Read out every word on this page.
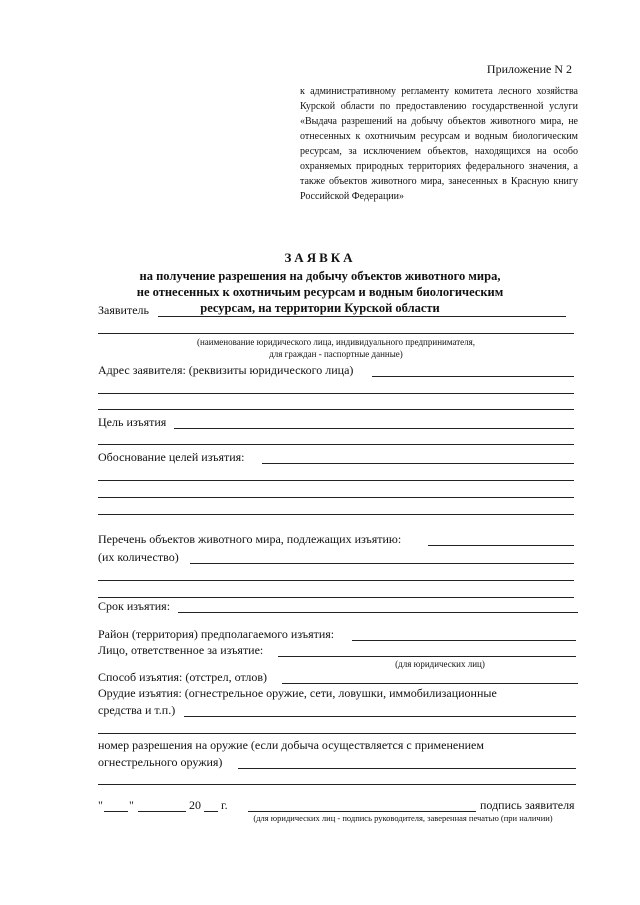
Приложение N 2

к административному регламенту комитета лесного хозяйства Курской области по предоставлению государственной услуги «Выдача разрешений на добычу объектов животного мира, не отнесенных к охотничьим ресурсам и водным биологическим ресурсам, за исключением объектов, находящихся на особо охраняемых природных территориях федерального значения, а также объектов животного мира, занесенных в Красную книгу Российской Федерации»

ЗАЯВКА
на получение разрешения на добычу объектов животного мира,
не отнесенных к охотничьим ресурсам и водным биологическим
ресурсам, на территории Курской области
Заявитель
(наименование юридического лица, индивидуального предпринимателя,
для граждан - паспортные данные)
Адрес заявителя: (реквизиты юридического лица)
Цель изъятия
Обоснование целей изъятия:
Перечень объектов животного мира, подлежащих изъятию:
(их количество)
Срок изъятия:
Район (территория) предполагаемого изъятия:
Лицо, ответственное за изъятие:
(для юридических лиц)
Способ изъятия: (отстрел, отлов)
Орудие изъятия: (огнестрельное оружие, сети, ловушки, иммобилизационные
средства и т.п.)
номер разрешения на оружие (если добыча осуществляется с применением
огнестрельного оружия)
" "	20 г.	подпись заявителя
(для юридических лиц - подпись руководителя, заверенная печатью (при наличии)
